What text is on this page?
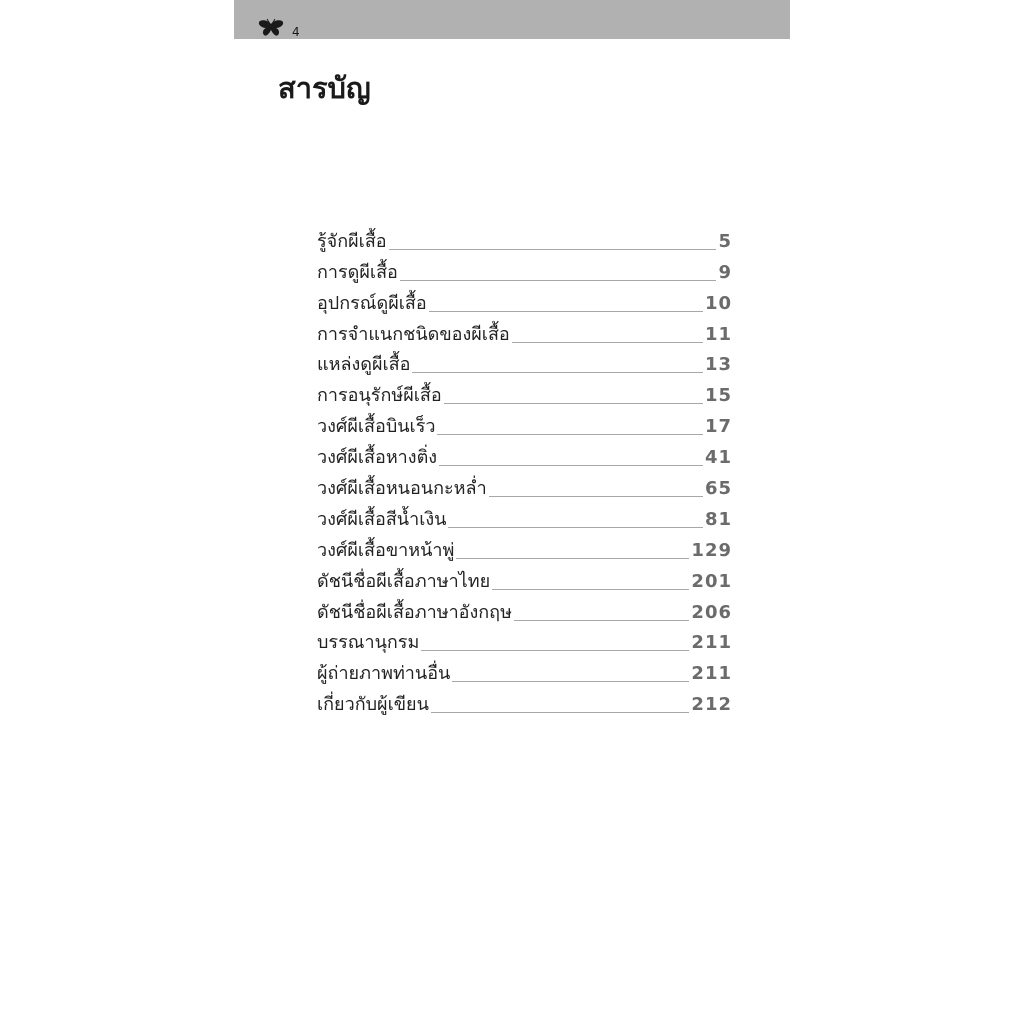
4
สารบัญ
รู้จักผีเสื้อ	5
การดูผีเสื้อ	9
อุปกรณ์ดูผีเสื้อ	10
การจำแนกชนิดของผีเสื้อ	11
แหล่งดูผีเสื้อ	13
การอนุรักษ์ผีเสื้อ	15
วงศ์ผีเสื้อบินเร็ว	17
วงศ์ผีเสื้อหางติ่ง	41
วงศ์ผีเสื้อหนอนกะหล่ำ	65
วงศ์ผีเสื้อสีน้ำเงิน	81
วงศ์ผีเสื้อขาหน้าพู่	129
ดัชนีชื่อผีเสื้อภาษาไทย	201
ดัชนีชื่อผีเสื้อภาษาอังกฤษ	206
บรรณานุกรม	211
ผู้ถ่ายภาพท่านอื่น	211
เกี่ยวกับผู้เขียน	212
